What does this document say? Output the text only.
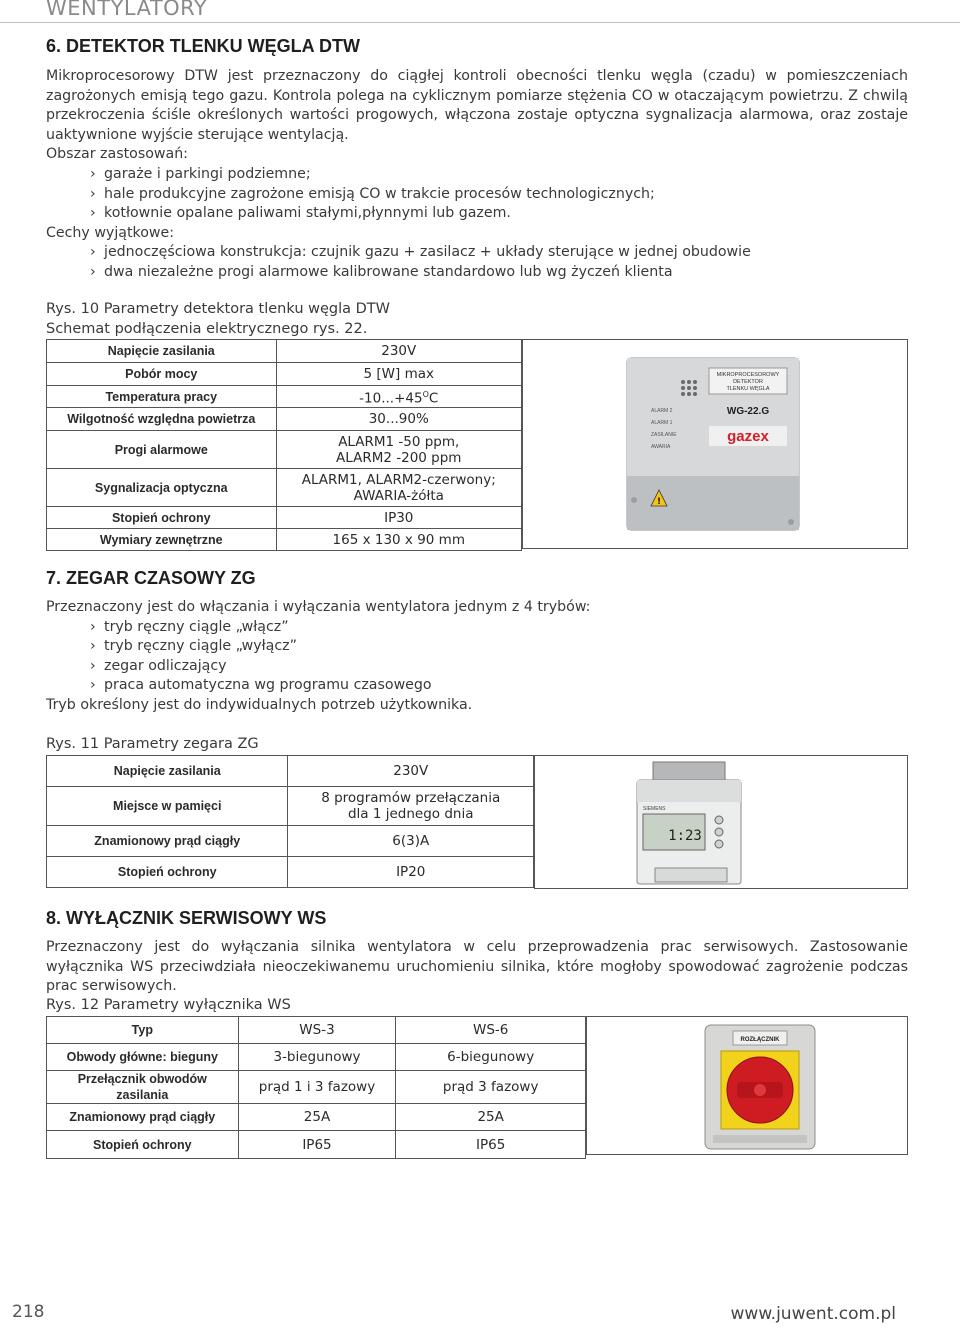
WENTYLATORY
6. DETEKTOR TLENKU WĘGLA DTW

Mikroprocesorowy DTW jest przeznaczony do ciągłej kontroli obecności tlenku węgla (czadu) w pomieszczeniach zagrożonych emisją tego gazu. Kontrola polega na cyklicznym pomiarze stężenia CO w otaczającym powietrzu. Z chwilą przekroczenia ściśle określonych wartości progowych, włączona zostaje optyczna sygnalizacja alarmowa, oraz zostaje uaktywnione wyjście sterujące wentylacją.

Obszar zastosowań:
› garaże i parkingi podziemne;
› hale produkcyjne zagrożone emisją CO w trakcie procesów technologicznych;
› kotłownie opalane paliwami stałymi,płynnymi lub gazem.
Cechy wyjątkowe:
› jednoczęściowa konstrukcja: czujnik gazu + zasilacz + układy sterujące w jednej obudowie
› dwa niezależne progi alarmowe kalibrowane standardowo lub wg życzeń klienta
Rys. 10 Parametry detektora tlenku węgla DTW
Schemat podłączenia elektrycznego rys. 22.
Napięcie zasilania	230V
Pobór mocy	5 [W] max
Temperatura pracy	$-10...+45^OC$
Wilgotność względna powietrza	30...90%
Progi alarmowe	ALARM1 -50 ppm,
ALARM2 -200 ppm

Sygnalizacja optyczna	ALARM1, ALARM2-czerwony;
AWARIA-żółta

Stopień ochrony	IP30
Wymiary zewnętrzne	165 x 130 x 90 mm
MIKROPROCESOROWY
DETEKTOR
TLENKU WĘGLA
WG-22.G
gazex
ALARM 2
ALARM 1
ZASILANIE
AWARIA
!
7. ZEGAR CZASOWY ZG
Przeznaczony jest do włączania i wyłączania wentylatora jednym z 4 trybów:
› tryb ręczny ciągle „włącz”
› tryb ręczny ciągle „wyłącz”
› zegar odliczający
› praca automatyczna wg programu czasowego
Tryb określony jest do indywidualnych potrzeb użytkownika.
Rys. 11 Parametry zegara ZG
Napięcie zasilania	230V
Miejsce w pamięci	8 programów przełączania
dla 1 jednego dnia

Znamionowy prąd ciągły	6(3)A
Stopień ochrony	IP20
SIEMENS
1:23
8. WYŁĄCZNIK SERWISOWY WS

Przeznaczony jest do wyłączania silnika wentylatora w celu przeprowadzenia prac serwisowych. Zastosowanie wyłącznika WS przeciwdziała nieoczekiwanemu uruchomieniu silnika, które mogłoby spowodować zagrożenie podczas prac serwisowych.

Rys. 12 Parametry wyłącznika WS
Typ	WS-3	WS-6
Obwody główne: bieguny	3-biegunowy	6-biegunowy
Przełącznik obwodów zasilania	prąd 1 i 3 fazowy	prąd 3 fazowy
Znamionowy prąd ciągły	25A	25A
Stopień ochrony	IP65	IP65
ROZŁĄCZNIK
218	www.juwent.com.pl
